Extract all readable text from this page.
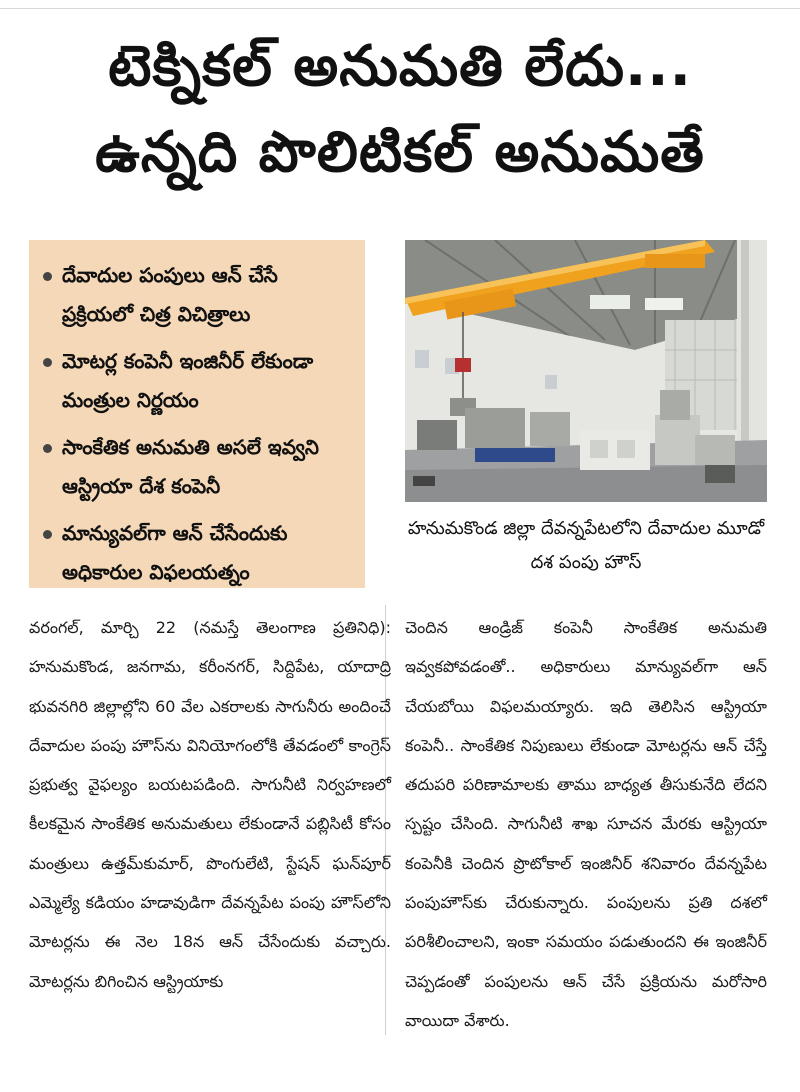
టెక్నికల్ అనుమతి లేదు...
ఉన్నది పొలిటికల్ అనుమతే
దేవాదుల పంపులు ఆన్ చేసే ప్రక్రియలో చిత్ర విచిత్రాలు
మోటర్ల కంపెనీ ఇంజినీర్ లేకుండా మంత్రుల నిర్ణయం
సాంకేతిక అనుమతి అసలే ఇవ్వని ఆస్ట్రియా దేశ కంపెనీ
మాన్యువల్‌గా ఆన్ చేసేందుకు అధికారుల విఫలయత్నం
హనుమకొండ జిల్లా దేవన్నపేటలోని దేవాదుల మూడో దశ పంపు హౌస్

వరంగల్, మార్చి 22 (నమస్తే తెలంగాణ ప్రతినిధి): హనుమకొండ, జనగామ, కరీంనగర్, సిద్దిపేట, యాదాద్రి భువనగిరి జిల్లాల్లోని 60 వేల ఎకరాలకు సాగునీరు అందించే దేవాదుల పంపు హౌస్‌ను వినియోగంలోకి తేవడంలో కాంగ్రెస్ ప్రభుత్వ వైఫల్యం బయటపడింది. సాగునీటి నిర్వహణలో కీలకమైన సాంకేతిక అనుమతులు లేకుండానే పబ్లిసిటీ కోసం మంత్రులు ఉత్తమ్‌కుమార్, పొంగులేటి, స్టేషన్ ఘన్‌పూర్ ఎమ్మెల్యే కడియం హడావుడిగా దేవన్నపేట పంపు హౌస్‌లోని మోటర్లను ఈ నెల 18న ఆన్ చేసేందుకు వచ్చారు. మోటర్లను బిగించిన ఆస్ట్రియాకు

చెందిన ఆండ్రిజ్ కంపెనీ సాంకేతిక అనుమతి ఇవ్వకపోవడంతో.. అధికారులు మాన్యువల్‌గా ఆన్ చేయబోయి విఫలమయ్యారు. ఇది తెలిసిన ఆస్ట్రియా కంపెనీ.. సాంకేతిక నిపుణులు లేకుండా మోటర్లను ఆన్ చేస్తే తదుపరి పరిణామాలకు తాము బాధ్యత తీసుకునేది లేదని స్పష్టం చేసింది. సాగునీటి శాఖ సూచన మేరకు ఆస్ట్రియా కంపెనీకి చెందిన ప్రొటోకాల్ ఇంజినీర్ శనివారం దేవన్నపేట పంపుహౌస్‌కు చేరుకున్నారు. పంపులను ప్రతి దశలో పరిశీలించాలని, ఇంకా సమయం పడుతుందని ఈ ఇంజినీర్ చెప్పడంతో పంపులను ఆన్ చేసే ప్రక్రియను మరోసారి వాయిదా వేశారు.
